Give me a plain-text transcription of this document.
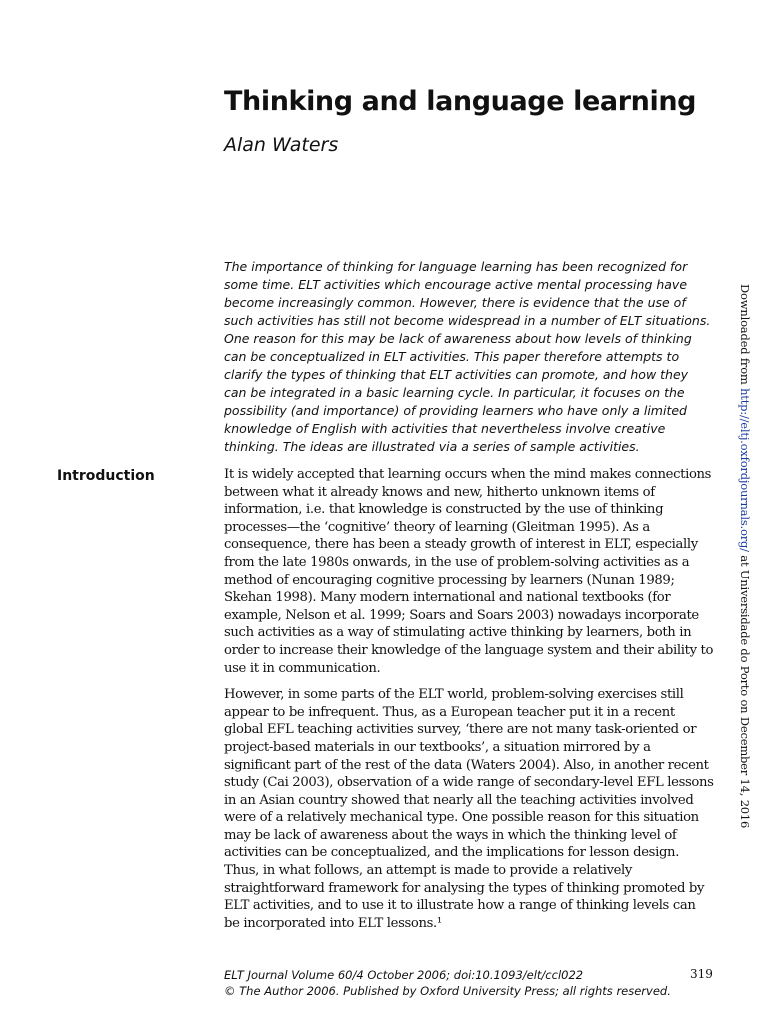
Thinking and language learning
Alan Waters

The importance of thinking for language learning has been recognized for some time. ELT activities which encourage active mental processing have become increasingly common. However, there is evidence that the use of such activities has still not become widespread in a number of ELT situations. One reason for this may be lack of awareness about how levels of thinking can be conceptualized in ELT activities. This paper therefore attempts to clarify the types of thinking that ELT activities can promote, and how they can be integrated in a basic learning cycle. In particular, it focuses on the possibility (and importance) of providing learners who have only a limited knowledge of English with activities that nevertheless involve creative thinking. The ideas are illustrated via a series of sample activities.

Introduction	It is widely accepted that learning occurs when the mind makes connections between what it already knows and new, hitherto unknown items of information, i.e. that knowledge is constructed by the use of thinking processes—the ‘cognitive’ theory of learning (Gleitman 1995). As a consequence, there has been a steady growth of interest in ELT, especially from the late 1980s onwards, in the use of problem-solving activities as a method of encouraging cognitive processing by learners (Nunan 1989; Skehan 1998). Many modern international and national textbooks (for example, Nelson et al. 1999; Soars and Soars 2003) nowadays incorporate such activities as a way of stimulating active thinking by learners, both in order to increase their knowledge of the language system and their ability to use it in communication.

However, in some parts of the ELT world, problem-solving exercises still appear to be infrequent. Thus, as a European teacher put it in a recent global EFL teaching activities survey, ‘there are not many task-oriented or project-based materials in our textbooks’, a situation mirrored by a significant part of the rest of the data (Waters 2004). Also, in another recent study (Cai 2003), observation of a wide range of secondary-level EFL lessons in an Asian country showed that nearly all the teaching activities involved were of a relatively mechanical type. One possible reason for this situation may be lack of awareness about the ways in which the thinking level of activities can be conceptualized, and the implications for lesson design. Thus, in what follows, an attempt is made to provide a relatively straightforward framework for analysing the types of thinking promoted by ELT activities, and to use it to illustrate how a range of thinking levels can be incorporated into ELT lessons.¹

ELT Journal Volume 60/4 October 2006; doi:10.1093/elt/ccl022
© The Author 2006. Published by Oxford University Press; all rights reserved.
319
Downloaded from http://eltj.oxfordjournals.org/ at Universidade do Porto on December 14, 2016
